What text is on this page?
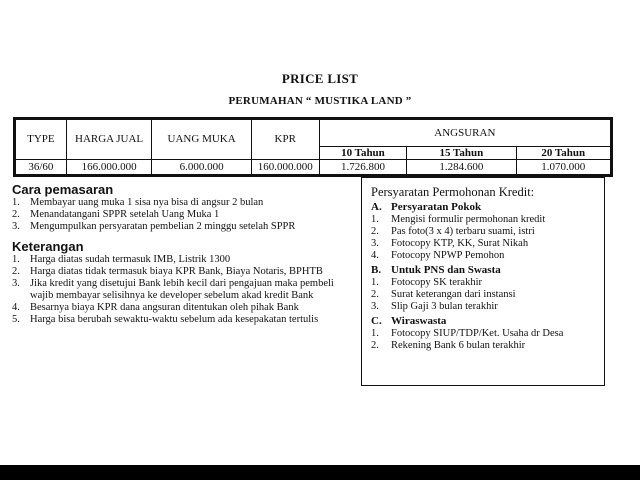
PRICE LIST
PERUMAHAN “ MUSTIKA LAND ”
TYPE	HARGA JUAL	UANG MUKA	KPR	ANGSURAN		
				10 Tahun	15 Tahun	20 Tahun
36/60	166.000.000	6.000.000	160.000.000	1.726.800	1.284.600	1.070.000
Cara pemasaran
1. Membayar uang muka 1 sisa nya bisa di angsur 2 bulan
2. Menandatangani SPPR setelah Uang Muka 1
3. Mengumpulkan persyaratan pembelian 2 minggu setelah SPPR
Keterangan
1. Harga diatas sudah termasuk IMB, Listrik 1300
2. Harga diatas tidak termasuk biaya KPR Bank, Biaya Notaris, BPHTB
3. Jika kredit yang disetujui Bank lebih kecil dari pengajuan maka pembeli wajib membayar selisihnya ke developer sebelum akad kredit Bank
4. Besarnya biaya KPR dana angsuran ditentukan oleh pihak Bank
5. Harga bisa berubah sewaktu-waktu sebelum ada kesepakatan tertulis
Persyaratan Permohonan Kredit:
A. Persyaratan Pokok
1.	Mengisi formulir permohonan kredit
2.	Pas foto(3 x 4) terbaru suami, istri
3.	Fotocopy KTP, KK, Surat Nikah
4.	Fotocopy NPWP Pemohon
B. Untuk PNS dan Swasta
1.	Fotocopy SK terakhir
2.	Surat keterangan dari instansi
3.	Slip Gaji 3 bulan terakhir
C. Wiraswasta
1.	Fotocopy SIUP/TDP/Ket. Usaha dr Desa
2.	Rekening Bank 6 bulan terakhir
